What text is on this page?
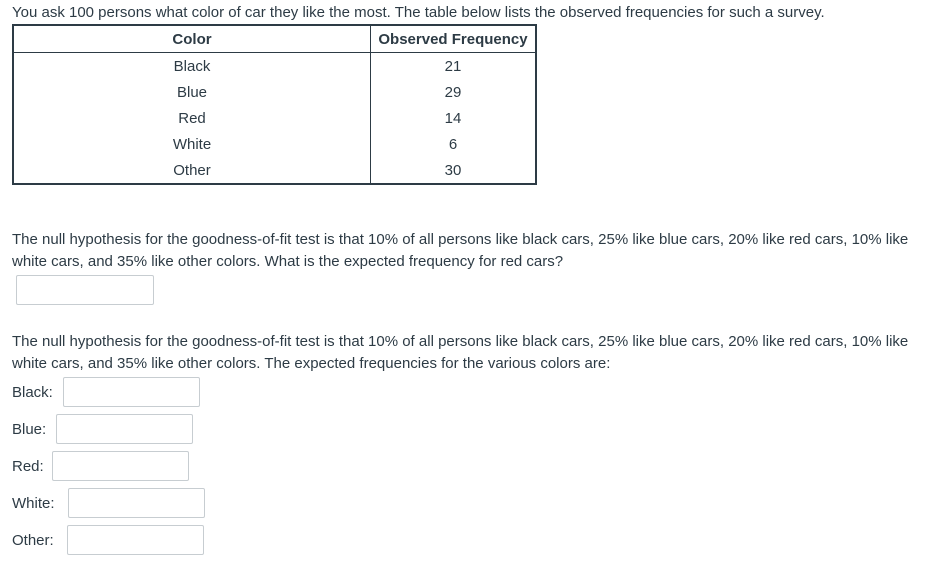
You ask 100 persons what color of car they like the most. The table below lists the observed frequencies for such a survey.
Color	Observed Frequency
Black	21
Blue	29
Red	14
White	6
Other	30
The null hypothesis for the goodness-of-fit test is that 10% of all persons like black cars, 25% like blue cars, 20% like red cars, 10% like white cars, and 35% like other colors. What is the expected frequency for red cars?
The null hypothesis for the goodness-of-fit test is that 10% of all persons like black cars, 25% like blue cars, 20% like red cars, 10% like white cars, and 35% like other colors. The expected frequencies for the various colors are:
Black:
Blue:
Red:
White:
Other:
